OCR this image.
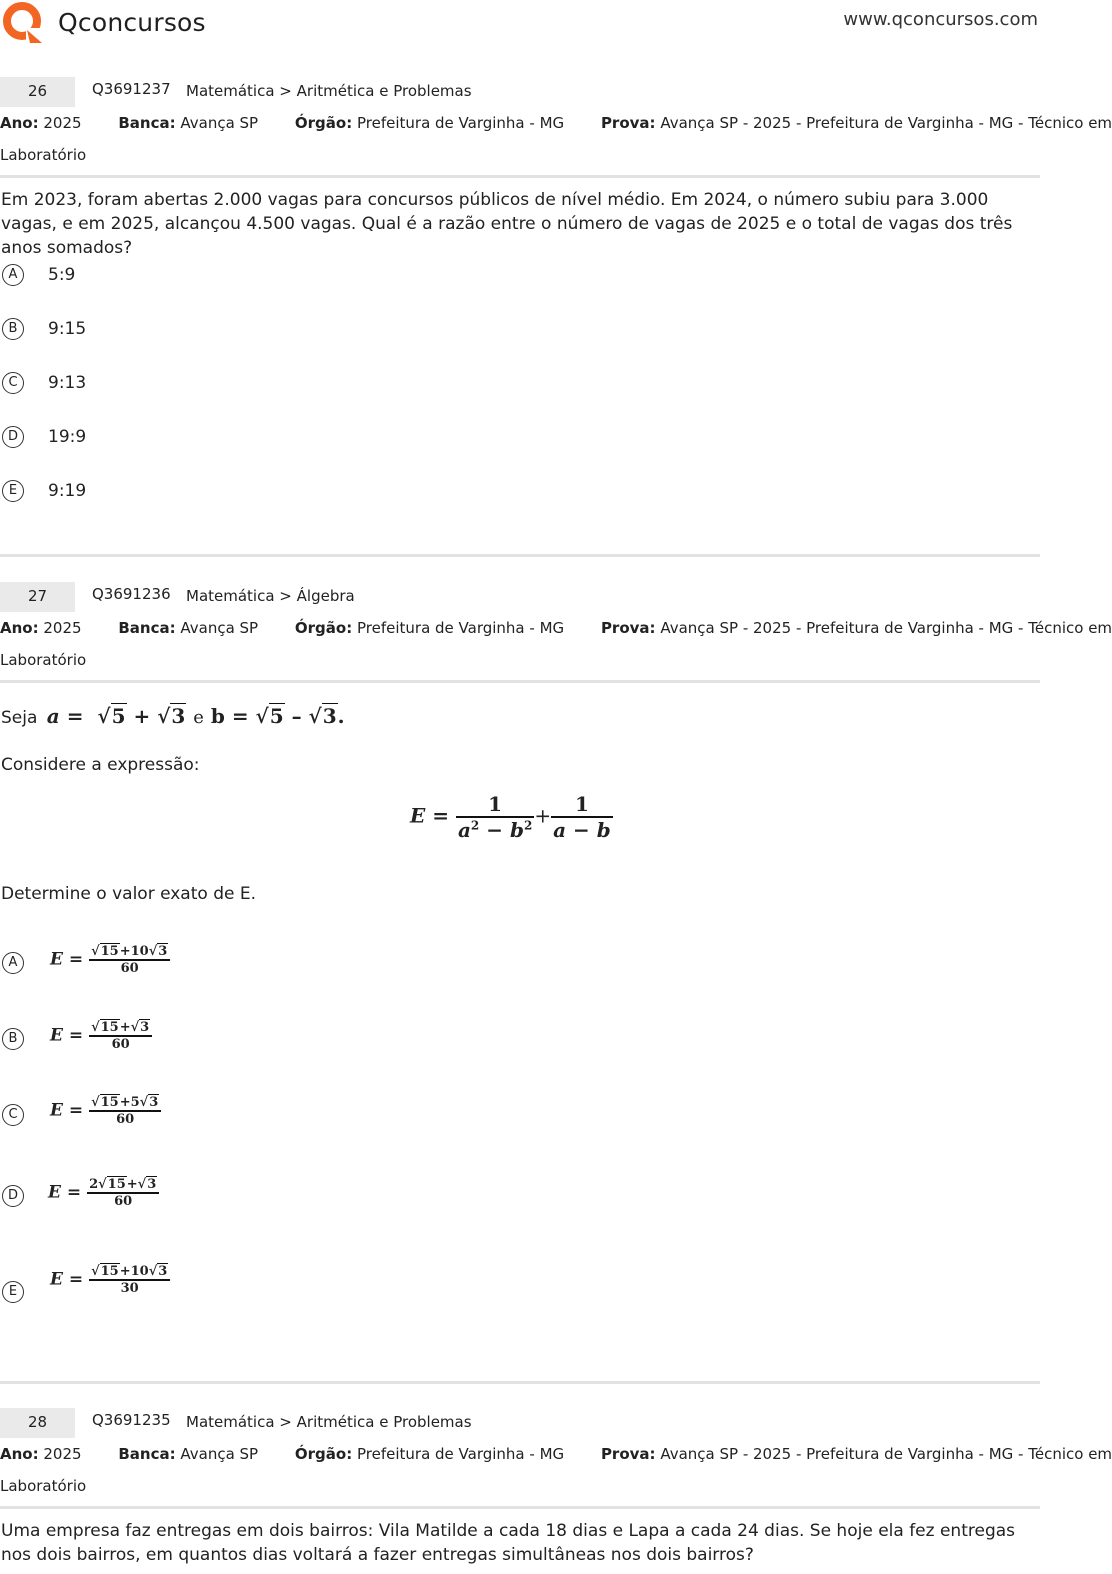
Qconcursos	www.qconcursos.com
26	Q3691237 Matemática > Aritmética e Problemas
Ano: 2025 Banca: Avança SP Órgão: Prefeitura de Varginha - MG Prova: Avança SP - 2025 - Prefeitura de Varginha - MG - Técnico em
Laboratório
Em 2023, foram abertas 2.000 vagas para concursos públicos de nível médio. Em 2024, o número subiu para 3.000 vagas, e em 2025, alcançou 4.500 vagas. Qual é a razão entre o número de vagas de 2025 e o total de vagas dos três anos somados?
A	5:9
B	9:15
C	9:13
D	19:9
E	9:19
27	Q3691236 Matemática > Álgebra
Ano: 2025 Banca: Avança SP Órgão: Prefeitura de Varginha - MG Prova: Avança SP - 2025 - Prefeitura de Varginha - MG - Técnico em
Laboratório
Seja a =  √5 + √3 e b = √5 – √3.
Considere a expressão:
$E = \frac{1}{a^2 - b^2} + \frac{1}{a - b}$
Determine o valor exato de E.
A	$E = \frac{√15+10√3}{60}$
B	$E = \frac{√15+√3}{60}$
C	$E = \frac{√15+5√3}{60}$
D	$E = \frac{2√15+√3}{60}$
E
$E = \frac{√15+10√3}{30}$
28	Q3691235 Matemática > Aritmética e Problemas
Ano: 2025 Banca: Avança SP Órgão: Prefeitura de Varginha - MG Prova: Avança SP - 2025 - Prefeitura de Varginha - MG - Técnico em
Laboratório
Uma empresa faz entregas em dois bairros: Vila Matilde a cada 18 dias e Lapa a cada 24 dias. Se hoje ela fez entregas nos dois bairros, em quantos dias voltará a fazer entregas simultâneas nos dois bairros?
